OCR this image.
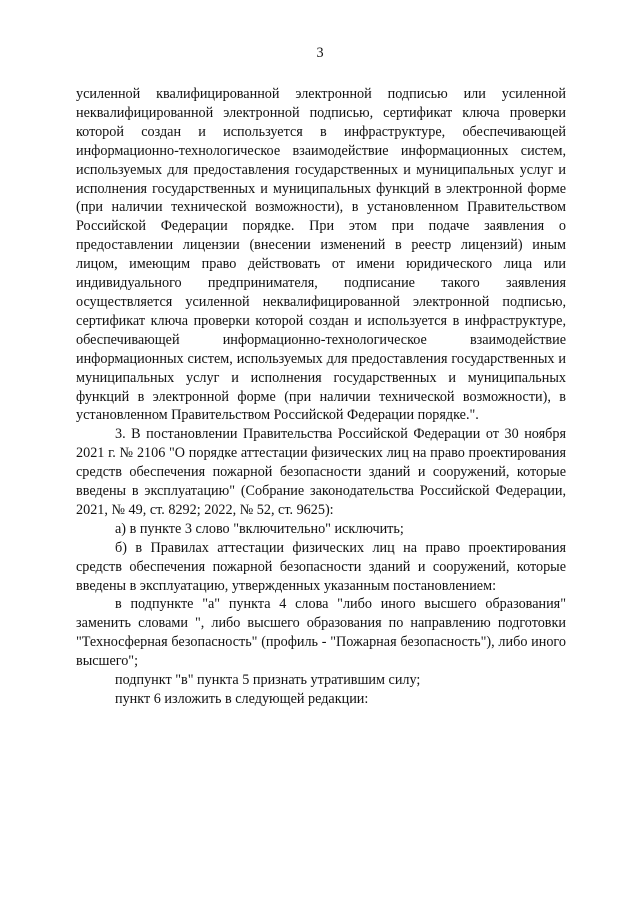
3

усиленной квалифицированной электронной подписью или усиленной неквалифицированной электронной подписью, сертификат ключа проверки которой создан и используется в инфраструктуре, обеспечивающей информационно-технологическое взаимодействие информационных систем, используемых для предоставления государственных и муниципальных услуг и исполнения государственных и муниципальных функций в электронной форме (при наличии технической возможности), в установленном Правительством Российской Федерации порядке. При этом при подаче заявления о предоставлении лицензии (внесении изменений в реестр лицензий) иным лицом, имеющим право действовать от имени юридического лица или индивидуального предпринимателя, подписание такого заявления осуществляется усиленной неквалифицированной электронной подписью, сертификат ключа проверки которой создан и используется в инфраструктуре, обеспечивающей информационно-технологическое взаимодействие информационных систем, используемых для предоставления государственных и муниципальных услуг и исполнения государственных и муниципальных функций в электронной форме (при наличии технической возможности), в установленном Правительством Российской Федерации порядке.".

3. В постановлении Правительства Российской Федерации от 30 ноября 2021 г. № 2106 "О порядке аттестации физических лиц на право проектирования средств обеспечения пожарной безопасности зданий и сооружений, которые введены в эксплуатацию" (Собрание законодательства Российской Федерации, 2021, № 49, ст. 8292; 2022, № 52, ст. 9625):

а) в пункте 3 слово "включительно" исключить;

б) в Правилах аттестации физических лиц на право проектирования средств обеспечения пожарной безопасности зданий и сооружений, которые введены в эксплуатацию, утвержденных указанным постановлением:

в подпункте "а" пункта 4 слова "либо иного высшего образования" заменить словами ", либо высшего образования по направлению подготовки "Техносферная безопасность" (профиль - "Пожарная безопасность"), либо иного высшего";

подпункт "в" пункта 5 признать утратившим силу;

пункт 6 изложить в следующей редакции:
